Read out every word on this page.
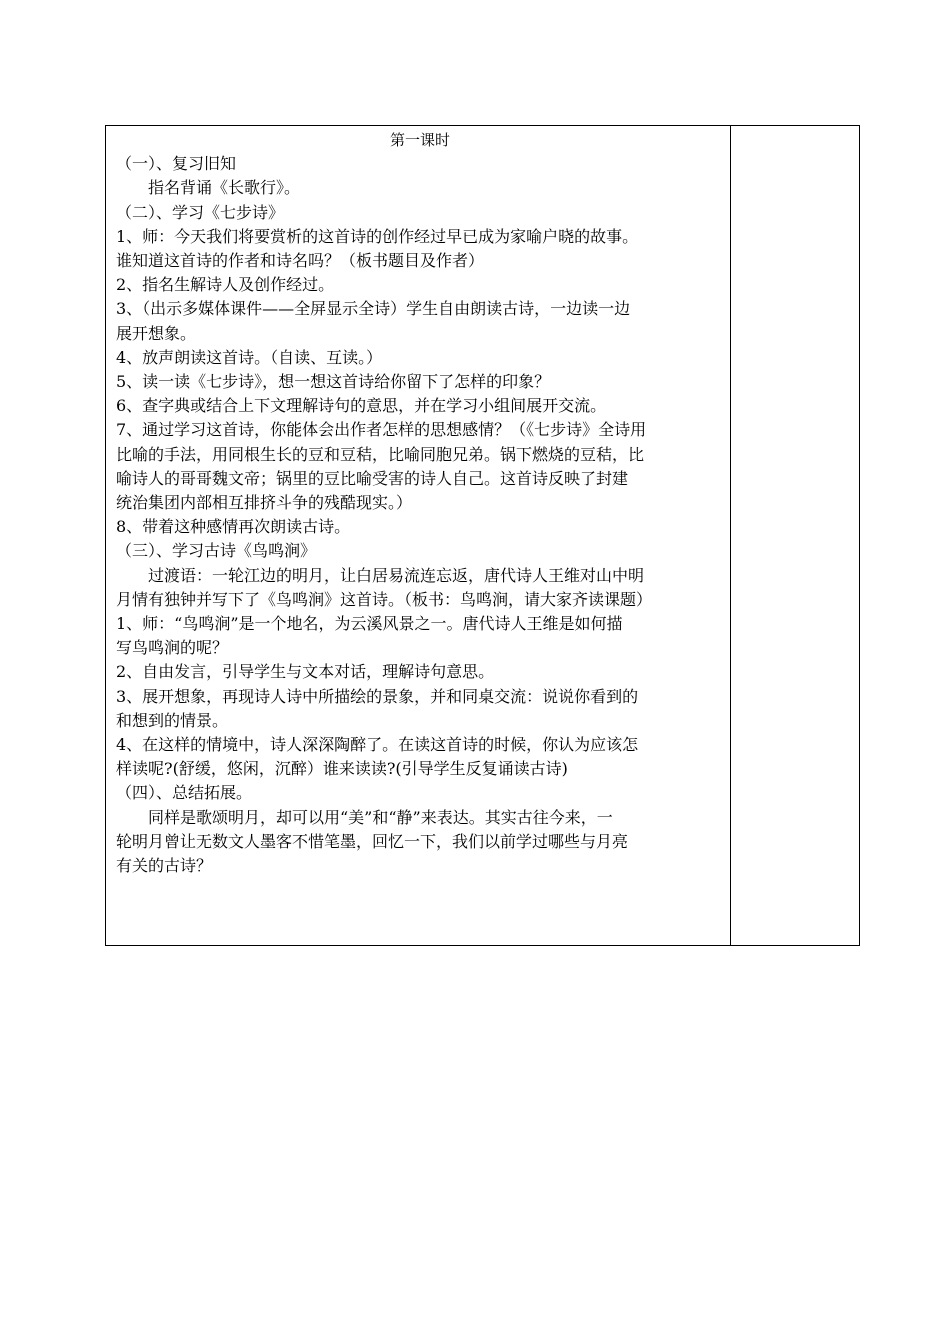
第一课时
（一）、复习旧知
指名背诵《长歌行》。
（二）、学习《七步诗》
1、师：今天我们将要赏析的这首诗的创作经过早已成为家喻户晓的故事。
谁知道这首诗的作者和诗名吗？（板书题目及作者）
2、指名生解诗人及创作经过。
3、（出示多媒体课件——全屏显示全诗）学生自由朗读古诗，一边读一边
展开想象。
4、放声朗读这首诗。（自读、互读。）
5、读一读《七步诗》，想一想这首诗给你留下了怎样的印象？
6、查字典或结合上下文理解诗句的意思，并在学习小组间展开交流。
7、通过学习这首诗，你能体会出作者怎样的思想感情？（《七步诗》全诗用
比喻的手法，用同根生长的豆和豆秸，比喻同胞兄弟。锅下燃烧的豆秸，比
喻诗人的哥哥魏文帝；锅里的豆比喻受害的诗人自己。这首诗反映了封建
统治集团内部相互排挤斗争的残酷现实。）
8、带着这种感情再次朗读古诗。
（三）、学习古诗《鸟鸣涧》
过渡语：一轮江边的明月，让白居易流连忘返，唐代诗人王维对山中明
月情有独钟并写下了《鸟鸣涧》这首诗。（板书：鸟鸣涧，请大家齐读课题）
1、师：“鸟鸣涧”是一个地名，为云溪风景之一。唐代诗人王维是如何描
写鸟鸣涧的呢？
2、自由发言，引导学生与文本对话，理解诗句意思。
3、展开想象，再现诗人诗中所描绘的景象，并和同桌交流：说说你看到的
和想到的情景。
4、在这样的情境中，诗人深深陶醉了。在读这首诗的时候，你认为应该怎
样读呢?(舒缓，悠闲，沉醉）谁来读读?(引导学生反复诵读古诗)
（四）、总结拓展。
同样是歌颂明月，却可以用“美”和“静”来表达。其实古往今来，一
轮明月曾让无数文人墨客不惜笔墨，回忆一下，我们以前学过哪些与月亮
有关的古诗？
